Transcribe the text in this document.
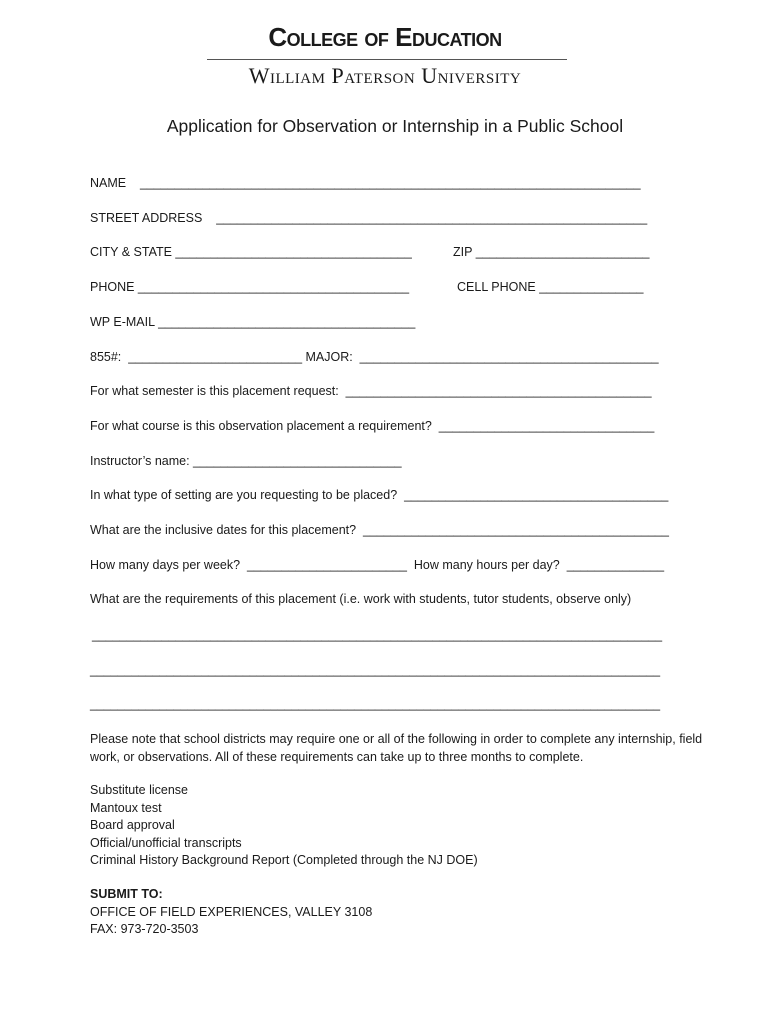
College of Education
William Paterson University
Application for Observation or Internship in a Public School
NAME    ________________________________________________________________________
STREET ADDRESS    ______________________________________________________________
CITY & STATE __________________________________	ZIP _________________________
PHONE _______________________________________	CELL PHONE _______________
WP E-MAIL _____________________________________
855#:  _________________________ MAJOR:  ___________________________________________
For what semester is this placement request:  ____________________________________________
For what course is this observation placement a requirement?  _______________________________
Instructor’s name: ______________________________
In what type of setting are you requesting to be placed?  ______________________________________
What are the inclusive dates for this placement?  ____________________________________________
How many days per week?  _______________________  How many hours per day?  ______________
What are the requirements of this placement (i.e. work with students, tutor students, observe only)
__________________________________________________________________________________
__________________________________________________________________________________
__________________________________________________________________________________
Please note that school districts may require one or all of the following in order to complete any internship, field work, or observations. All of these requirements can take up to three months to complete.
Substitute license
Mantoux test
Board approval
Official/unofficial transcripts
Criminal History Background Report (Completed through the NJ DOE)
SUBMIT TO:
OFFICE OF FIELD EXPERIENCES, VALLEY 3108
FAX: 973-720-3503
